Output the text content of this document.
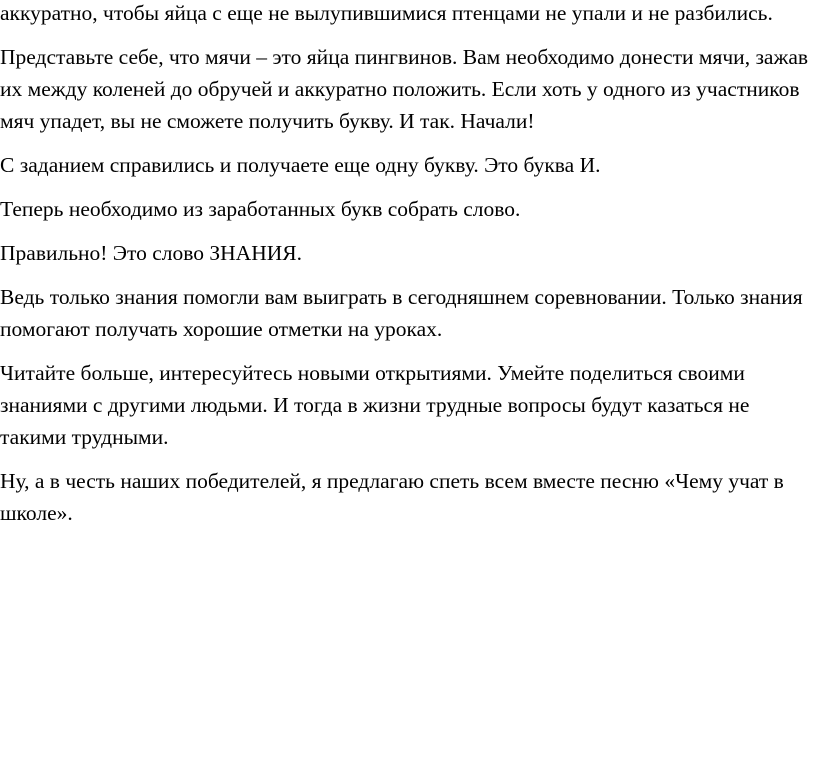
аккуратно, чтобы яйца с еще не вылупившимися птенцами не упали и не разбились.

Представьте себе, что мячи – это яйца пингвинов. Вам необходимо донести мячи, зажав их между коленей до обручей и аккуратно положить. Если хоть у одного из участников мяч упадет, вы не сможете получить букву. И так. Начали!

С заданием справились и получаете еще одну букву. Это буква И.

Теперь необходимо из заработанных букв собрать слово.

Правильно! Это слово ЗНАНИЯ.

Ведь только знания помогли вам выиграть в сегодняшнем соревновании. Только знания помогают получать хорошие отметки на уроках.

Читайте больше, интересуйтесь новыми открытиями. Умейте поделиться своими знаниями с другими людьми. И тогда в жизни трудные вопросы будут казаться не такими трудными.

Ну, а в честь наших победителей, я предлагаю спеть всем вместе песню «Чему учат в школе».
